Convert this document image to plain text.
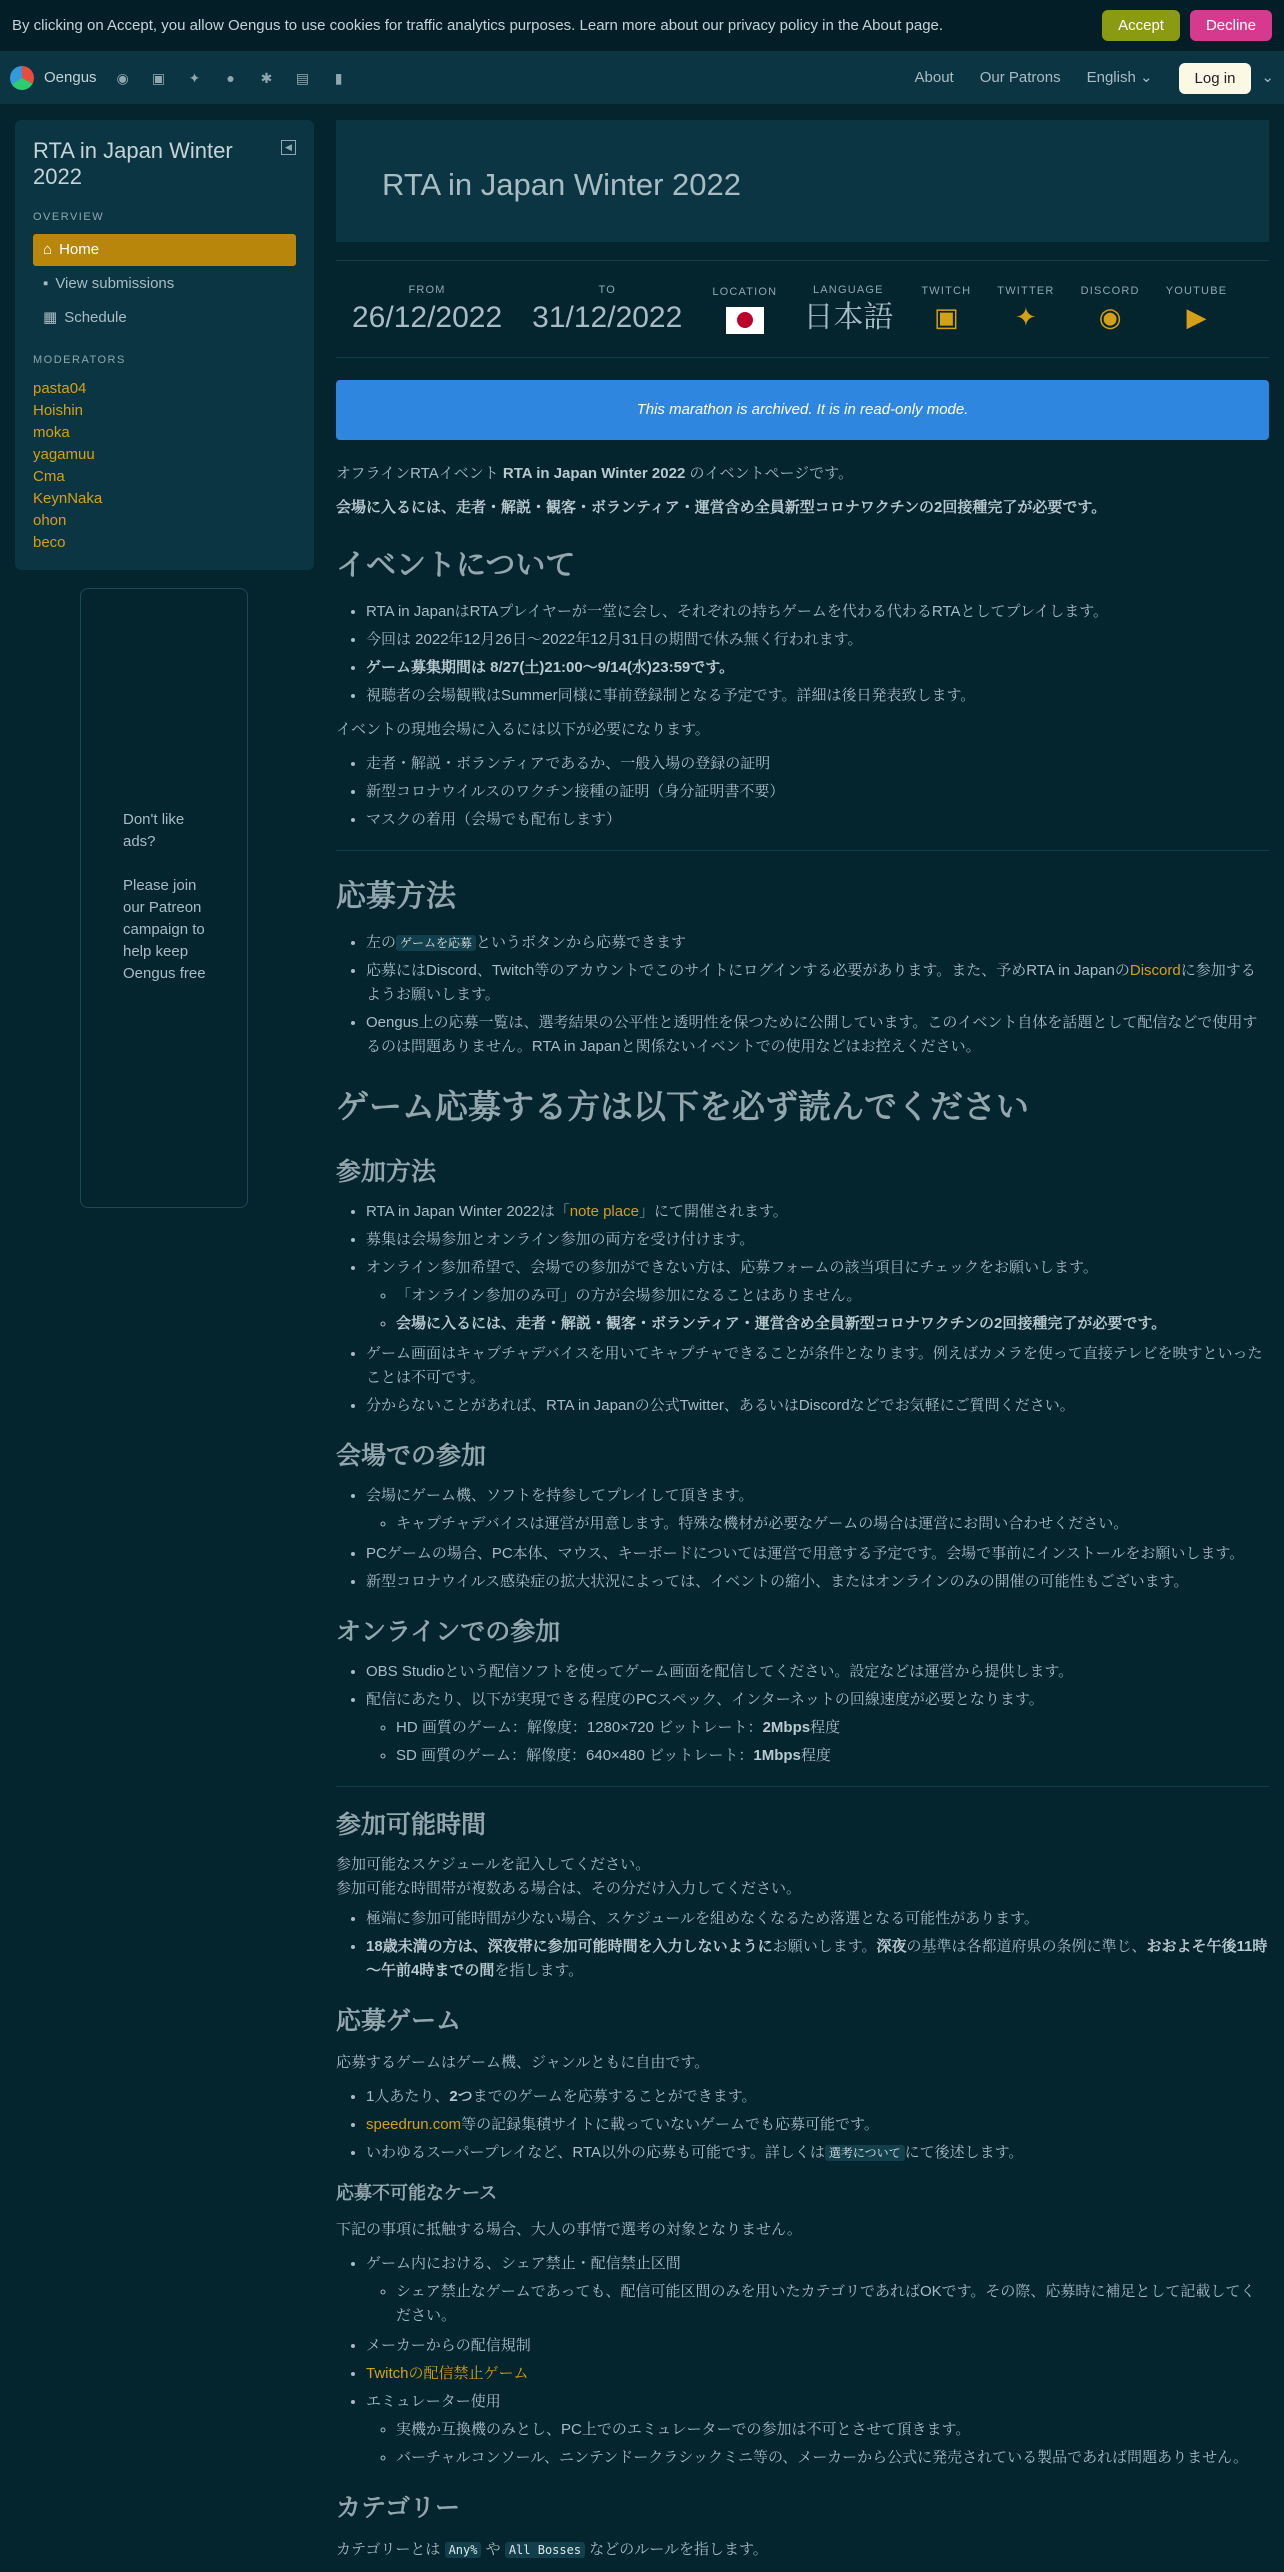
By clicking on Accept, you allow Oengus to use cookies for traffic analytics purposes. Learn more about our privacy policy in the About page.	Accept	Decline
Oengus ◉ ▣ ✦ ● ✱ ▤ ▮	About Our Patrons English ⌄	Log in	⌄
RTA in Japan Winter 2022
◀
OVERVIEW
⌂ Home
▪ View submissions
▦ Schedule
MODERATORS
pasta04
Hoishin
moka
yagamuu
Cma
KeynNaka
ohon
beco
Don't like ads?

Please join our Patreon campaign to help keep Oengus free
RTA in Japan Winter 2022
FROM
26/12/2022
TO
31/12/2022
LOCATION	LANGUAGE
日本語
TWITCH
▣
TWITTER
✦
DISCORD
◉
YOUTUBE
▶
This marathon is archived. It is in read-only mode.

オフラインRTAイベント RTA in Japan Winter 2022 のイベントページです。

会場に入るには、走者・解説・観客・ボランティア・運営含め全員新型コロナワクチンの2回接種完了が必要です。

イベントについて
• RTA in JapanはRTAプレイヤーが一堂に会し、それぞれの持ちゲームを代わる代わるRTAとしてプレイします。
• 今回は 2022年12月26日～2022年12月31日の期間で休み無く行われます。
• ゲーム募集期間は 8/27(土)21:00～9/14(水)23:59です。
• 視聴者の会場観戦はSummer同様に事前登録制となる予定です。詳細は後日発表致します。

イベントの現地会場に入るには以下が必要になります。

• 走者・解説・ボランティアであるか、一般入場の登録の証明
• 新型コロナウイルスのワクチン接種の証明（身分証明書不要）
• マスクの着用（会場でも配布します）
応募方法
• 左の ゲームを応募 というボタンから応募できます
• 応募にはDiscord、Twitch等のアカウントでこのサイトにログインする必要があります。また、予めRTA in JapanのDiscordに参加するようお願いします。
• Oengus上の応募一覧は、選考結果の公平性と透明性を保つために公開しています。このイベント自体を話題として配信などで使用するのは問題ありません。RTA in Japanと関係ないイベントでの使用などはお控えください。
ゲーム応募する方は以下を必ず読んでください
参加方法
• RTA in Japan Winter 2022は「note place」にて開催されます。
• 募集は会場参加とオンライン参加の両方を受け付けます。
• オンライン参加希望で、会場での参加ができない方は、応募フォームの該当項目にチェックをお願いします。
◦ 「オンライン参加のみ可」の方が会場参加になることはありません。
◦ 会場に入るには、走者・解説・観客・ボランティア・運営含め全員新型コロナワクチンの2回接種完了が必要です。
• ゲーム画面はキャプチャデバイスを用いてキャプチャできることが条件となります。例えばカメラを使って直接テレビを映すといったことは不可です。
• 分からないことがあれば、RTA in Japanの公式Twitter、あるいはDiscordなどでお気軽にご質問ください。
会場での参加
• 会場にゲーム機、ソフトを持参してプレイして頂きます。
◦ キャプチャデバイスは運営が用意します。特殊な機材が必要なゲームの場合は運営にお問い合わせください。
• PCゲームの場合、PC本体、マウス、キーボードについては運営で用意する予定です。会場で事前にインストールをお願いします。
• 新型コロナウイルス感染症の拡大状況によっては、イベントの縮小、またはオンラインのみの開催の可能性もございます。
オンラインでの参加
• OBS Studioという配信ソフトを使ってゲーム画面を配信してください。設定などは運営から提供します。
• 配信にあたり、以下が実現できる程度のPCスペック、インターネットの回線速度が必要となります。
◦ HD 画質のゲーム：解像度：1280×720 ビットレート：2Mbps程度
◦ SD 画質のゲーム：解像度：640×480 ビットレート：1Mbps程度
参加可能時間

参加可能なスケジュールを記入してください。
参加可能な時間帯が複数ある場合は、その分だけ入力してください。

• 極端に参加可能時間が少ない場合、スケジュールを組めなくなるため落選となる可能性があります。
• 18歳未満の方は、深夜帯に参加可能時間を入力しないようにお願いします。深夜の基準は各都道府県の条例に準じ、おおよそ午後11時～午前4時までの間を指します。
応募ゲーム

応募するゲームはゲーム機、ジャンルともに自由です。

• 1人あたり、2つまでのゲームを応募することができます。
• speedrun.com等の記録集積サイトに載っていないゲームでも応募可能です。
• いわゆるスーパープレイなど、RTA以外の応募も可能です。詳しくは 選考について にて後述します。
応募不可能なケース

下記の事項に抵触する場合、大人の事情で選考の対象となりません。

• ゲーム内における、シェア禁止・配信禁止区間
◦ シェア禁止なゲームであっても、配信可能区間のみを用いたカテゴリであればOKです。その際、応募時に補足として記載してください。
• メーカーからの配信規制
• Twitchの配信禁止ゲーム
• エミュレーター使用
◦ 実機か互換機のみとし、PC上でのエミュレーターでの参加は不可とさせて頂きます。
◦ バーチャルコンソール、ニンテンドークラシックミニ等の、メーカーから公式に発売されている製品であれば問題ありません。
カテゴリー

カテゴリーとは Any% や All Bosses などのルールを指します。
